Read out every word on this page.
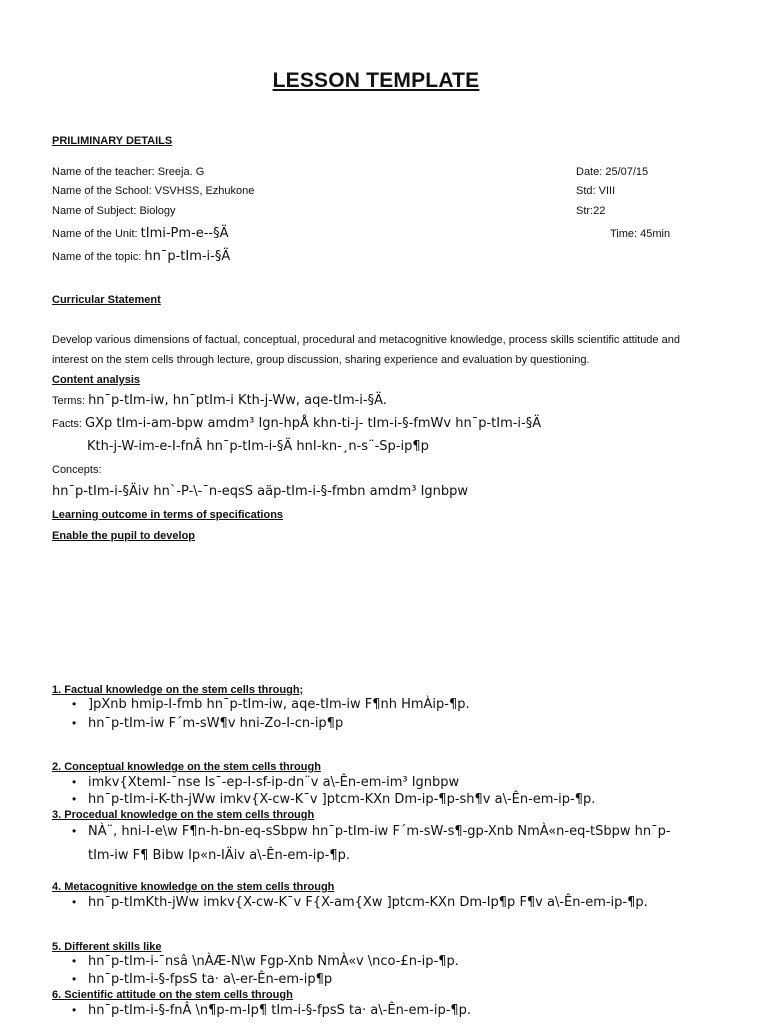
LESSON TEMPLATE
PRILIMINARY DETAILS
Name of the teacher: Sreeja. G
Name of the School: VSVHSS, Ezhukone
Name of Subject: Biology
Name of the Unit: tImi-Pm-e--§Ä
Name of the topic: hn¯p-tIm-i-§Ä
Date: 25/07/15
Std: VIII
Str:22
Time: 45min
Curricular Statement
Develop various dimensions of factual, conceptual, procedural and metacognitive knowledge, process skills scientific attitude and interest on the stem cells through lecture, group discussion, sharing experience and evaluation by questioning.
Content analysis
Terms: hn¯p-tIm-iw, hn¯ptIm-i Kth-j-Ww, aqe-tIm-i-§Ä.
Facts: GXp tIm-i-am-bpw amdm³ Ign-hpÅ khn-ti-j- tIm-i-§-fmWv hn¯p-tIm-i-§Ä
Kth-j-W-im-e-I-fnÂ hn¯p-tIm-i-§Ä hnI-kn-¸n-s¨-Sp-ip¶p
Concepts:
hn¯p-tIm-i-§Äiv hn`-P-\-¯n-eqsS aäp-tIm-i-§-fmbn amdm³ Ignbpw
Learning outcome in terms of specifications
Enable the pupil to develop
1. Factual knowledge on the stem cells through;
• ]pXnb hmip-I-fmb hn¯p-tIm-iw, aqe-tIm-iw F¶nh HmÀip-¶p.
• hn¯p-tIm-iw F´m-sW¶v hni-Zo-I-cn-ip¶p
2. Conceptual knowledge on the stem cells through
• imkv{XtemI-¯nse Is¯-ep-I-sf-ip-dn¨v a\-Ên-em-im³ Ignbpw
• hn¯p-tIm-i-K-th-jWw imkv{X-cw-K¯v ]ptcm-KXn Dm-ip-¶p-sh¶v a\-Ên-em-ip-¶p.
3. Procedual knowledge on the stem cells through
• NÀ¨, hni-I-e\w F¶n-h-bn-eq-sSbpw hn¯p-tIm-iw F´m-sW-s¶-gp-Xnb NmÀ«n-eq-tSbpw hn¯p-
tIm-iw F¶ Bibw Ip«n-IÄiv a\-Ên-em-ip-¶p.
4. Metacognitive knowledge on the stem cells through
• hn¯p-tImKth-jWw imkv{X-cw-K¯v F{X-am{Xw ]ptcm-KXn Dm-Ip¶p F¶v a\-Ên-em-ip-¶p.
5. Different skills like
• hn¯p-tIm-i-¯nsâ \nÀÆ-N\w Fgp-Xnb NmÀ«v \nco-£n-ip-¶p.
• hn¯p-tIm-i-§-fpsS ta· a\-er-Ên-em-ip¶p
6. Scientific attitude on the stem cells through
• hn¯p-tIm-i-§-fnÂ \n¶p-m-Ip¶ tIm-i-§-fpsS ta· a\-Ên-em-ip-¶p.
